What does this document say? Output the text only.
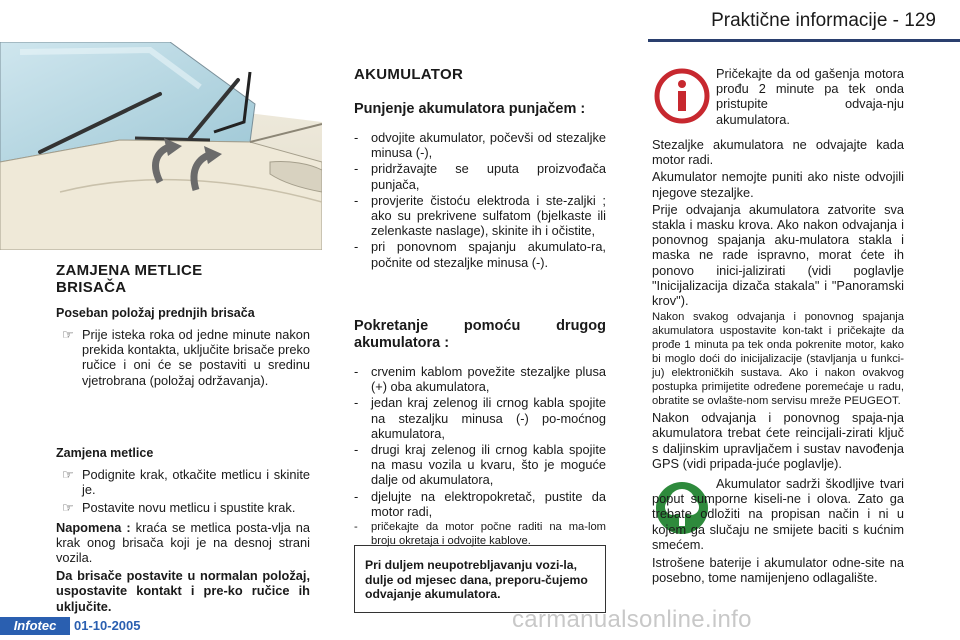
Praktične informacije - 129
ZAMJENA METLICE
BRISAČA
Poseban položaj prednjih brisača
☞ Prije isteka roka od jedne minute nakon prekida kontakta, uključite brisače preko ručice i oni će se postaviti u sredinu vjetrobrana (položaj održavanja).
Zamjena metlice
☞ Podignite krak, otkačite metlicu i skinite je.
☞ Postavite novu metlicu i spustite krak.

Napomena : kraća se metlica posta-vlja na krak onog brisača koji je na desnoj strani vozila.

Da brisače postavite u normalan položaj, uspostavite kontakt i pre-ko ručice ih uključite.

AKUMULATOR
Punjenje akumulatora punjačem :
- odvojite akumulator, počevši od stezaljke minusa (-),
- pridržavajte se uputa proizvođača punjača,
- provjerite čistoću elektroda i ste-zaljki ; ako su prekrivene sulfatom (bjelkaste ili zelenkaste naslage), skinite ih i očistite,
- pri ponovnom spajanju akumulato-ra, počnite od stezaljke minusa (-).
Pokretanje pomoću drugog akumulatora :
- crvenim kablom povežite stezaljke plusa (+) oba akumulatora,
- jedan kraj zelenog ili crnog kabla spojite na stezaljku minusa (-) po-moćnog akumulatora,
- drugi kraj zelenog ili crnog kabla spojite na masu vozila u kvaru, što je moguće dalje od akumulatora,
- djelujte na elektropokretač, pustite da motor radi,
- pričekajte da motor počne raditi na ma-lom broju okretaja i odvojite kablove.
Pri duljem neupotrebljavanju vozi-la, dulje od mjesec dana, preporu-čujemo odvajanje akumulatora.
Pričekajte da od gašenja motora prođu 2 minute pa tek onda pristupite odvaja-nju akumulatora.

Stezaljke akumulatora ne odvajajte kada motor radi.

Akumulator nemojte puniti ako niste odvojili njegove stezaljke.

Prije odvajanja akumulatora zatvorite sva stakla i masku krova. Ako nakon odvajanja i ponovnog spajanja aku-mulatora stakla i maska ne rade ispravno, morat ćete ih ponovo inici-jalizirati (vidi poglavlje "Inicijalizacija dizača stakala" i "Panoramski krov").

Nakon svakog odvajanja i ponovnog spajanja akumulatora uspostavite kon-takt i pričekajte da prođe 1 minuta pa tek onda pokrenite motor, kako bi moglo doći do inicijalizacije (stavljanja u funkci-ju) elektroničkih sustava. Ako i nakon ovakvog postupka primijetite određene poremećaje u radu, obratite se ovlašte-nom servisu mreže PEUGEOT.

Nakon odvajanja i ponovnog spaja-nja akumulatora trebat ćete reincijali-zirati ključ s daljinskim upravljačem i sustav navođenja GPS (vidi pripada-juće poglavlje).

Akumulator sadrži škodljive tvari poput sumporne kiseli-ne i olova. Zato ga trebate odložiti na propisan način i ni u kojem ga slučaju ne smijete baciti s kućnim smećem.

Istrošene baterije i akumulator odne-site na posebno, tome namijenjeno odlagalište.

carmanualsonline.info
Infotec	01-10-2005
